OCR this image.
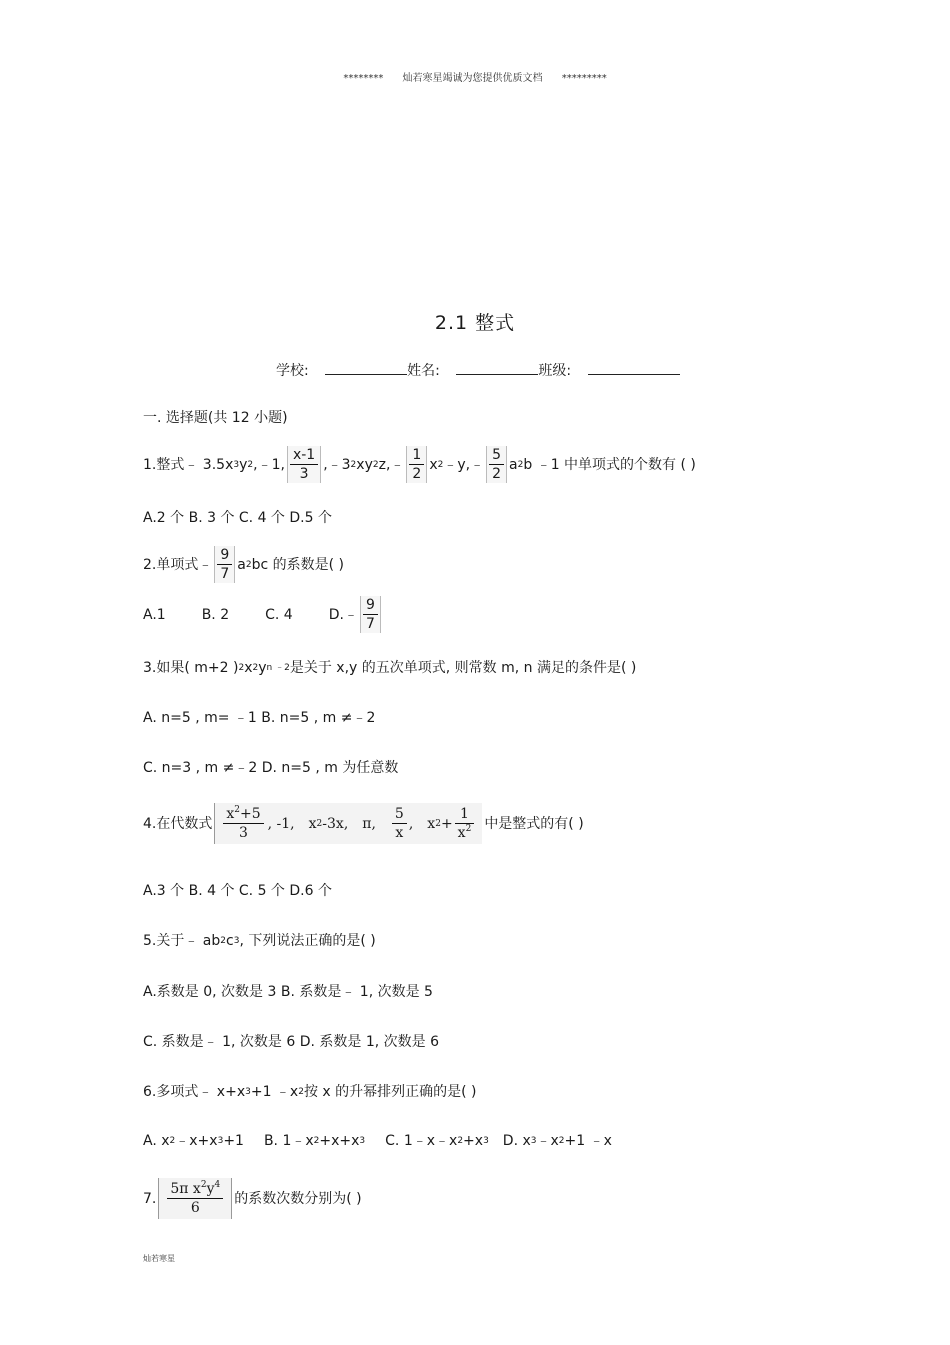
******** 灿若寒星竭诚为您提供优质文档 *********
2.1 整式
学校:	姓名:	班级:
一. 选择题(共 12 小题)
1.整式﹣ 3.5x 3 y 2 ,﹣1, $\frac{x-1}{3}$ ,﹣3 2 xy 2 z,﹣ $\frac{1}{2}$ x 2 ﹣y,﹣ $\frac{5}{2}$ a 2 b ﹣1 中单项式的个数有 ( )
A.2 个 B. 3 个 C. 4 个 D.5 个
2.单项式﹣ $\frac{9}{7}$ a 2 bc 的系数是( )
A.1	B. 2	C. 4	D.﹣ $\frac{9}{7}$
3.如果( m+2 ) 2 x 2 y n ﹣2 是关于 x,y 的五次单项式, 则常数 m, n 满足的条件是( )
A. n=5 , m= ﹣1 B. n=5 , m ≠﹣2
C. n=3 , m ≠﹣2 D. n=5 , m 为任意数
4.在代数式 $\frac{x^2+5}{3}$ , -1, x 2 -3x, π, $\frac{5}{x}$ , x $2 + \frac{1}{x^2}$ 中是整式的有( )
A.3 个 B. 4 个 C. 5 个 D.6 个
5.关于﹣ ab 2 c 3 , 下列说法正确的是( )
A.系数是 0, 次数是 3 B. 系数是﹣ 1, 次数是 5
C. 系数是﹣ 1, 次数是 6 D. 系数是 1, 次数是 6
6.多项式﹣ x+x 3 +1 ﹣x 2 按 x 的升幂排列正确的是( )
A. x 2 ﹣x+x 3 +1 B. 1﹣x 2 +x+x 3 C. 1﹣x﹣x 2 +x 3 D. x 3 ﹣x 2 +1 ﹣x
7. $\frac{5\pi x^2y^4}{6}$ 的系数次数分别为( )
灿若寒星
